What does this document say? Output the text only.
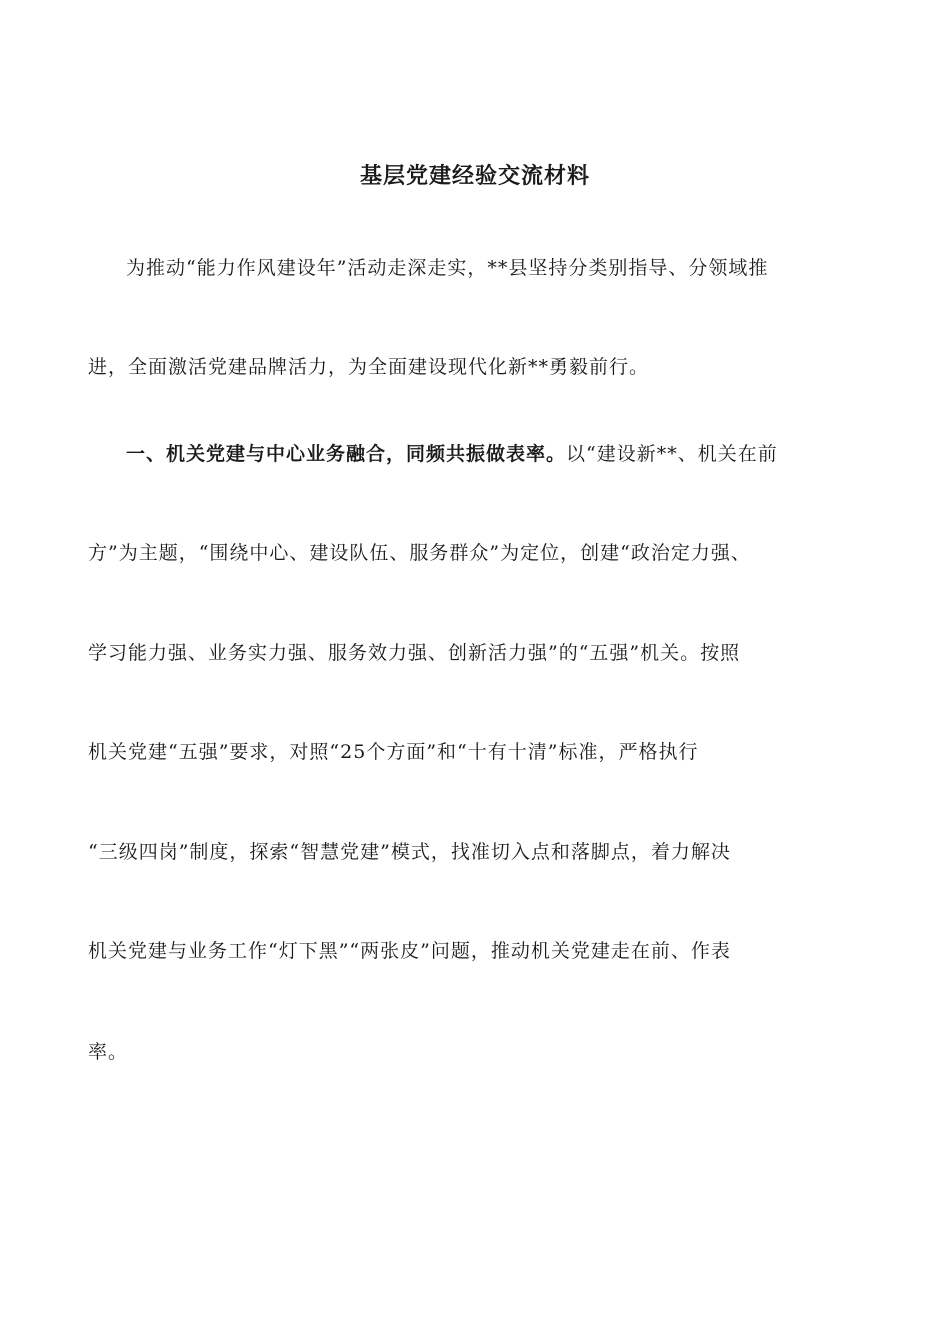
基层党建经验交流材料
为推动“能力作风建设年”活动走深走实，**县坚持分类别指导、分领域推
进，全面激活党建品牌活力，为全面建设现代化新**勇毅前行。
一、机关党建与中心业务融合，同频共振做表率。以“建设新**、机关在前
方”为主题，“围绕中心、建设队伍、服务群众”为定位，创建“政治定力强、
学习能力强、业务实力强、服务效力强、创新活力强”的“五强”机关。按照
机关党建“五强”要求，对照“25个方面”和“十有十清”标准，严格执行
“三级四岗”制度，探索“智慧党建”模式，找准切入点和落脚点，着力解决
机关党建与业务工作“灯下黑”“两张皮”问题，推动机关党建走在前、作表
率。
